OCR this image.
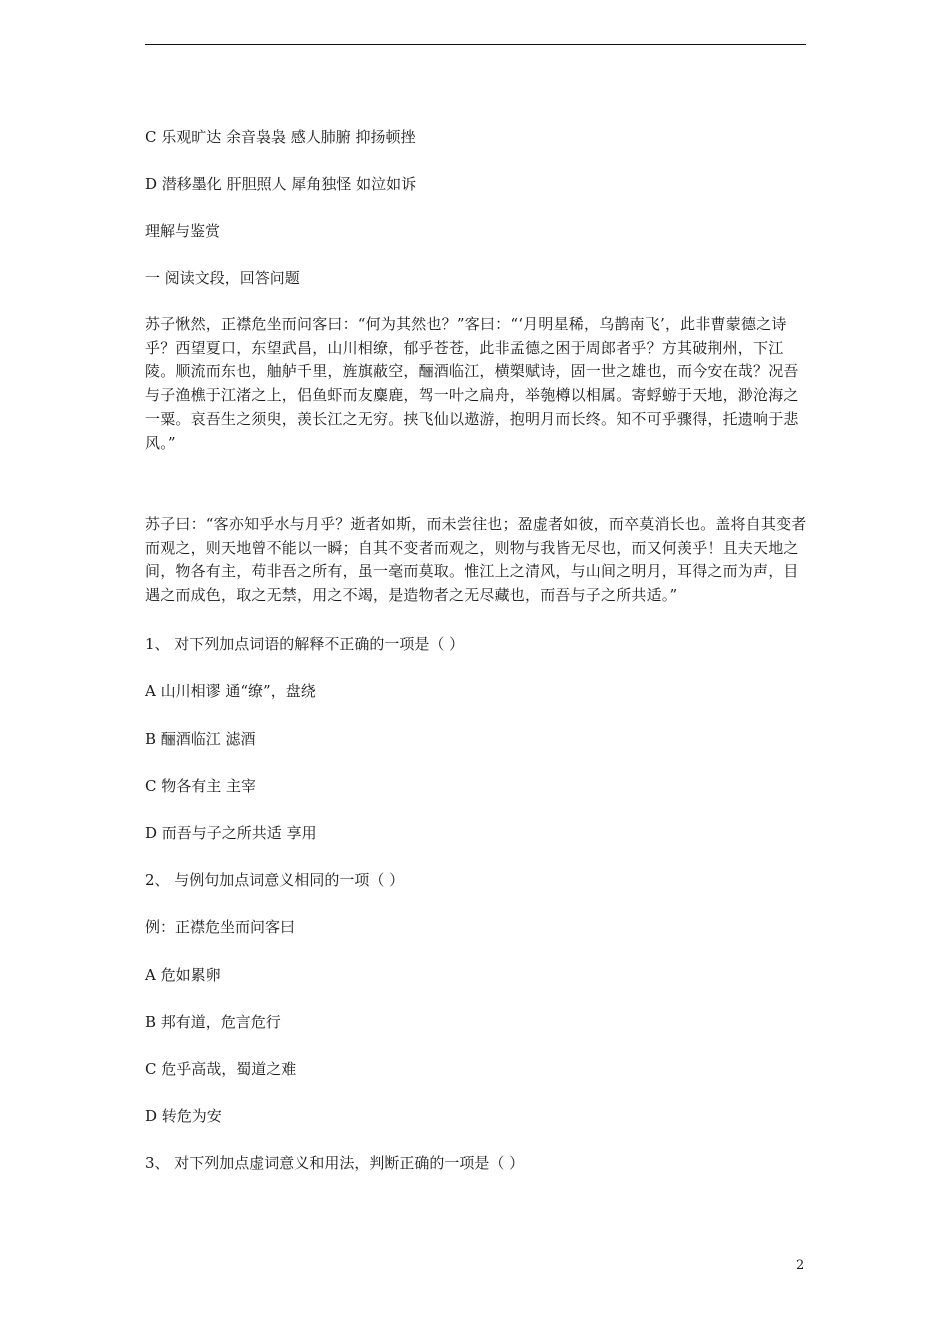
C 乐观旷达 余音袅袅 感人肺腑 抑扬顿挫
D 潜移墨化 肝胆照人 犀角独怪 如泣如诉
理解与鉴赏
一 阅读文段，回答问题
苏子愀然，正襟危坐而问客曰：“何为其然也？”客曰：“‘月明星稀，乌鹊南飞’，此非曹蒙德之诗乎？西望夏口，东望武昌，山川相缭，郁乎苍苍，此非孟德之困于周郎者乎？方其破荆州，下江陵。顺流而东也，舳舻千里，旌旗蔽空，酾酒临江，横槊赋诗，固一世之雄也，而今安在哉？况吾与子渔樵于江渚之上，侣鱼虾而友麋鹿，驾一叶之扁舟，举匏樽以相属。寄蜉蝣于天地，渺沧海之一粟。哀吾生之须臾，羡长江之无穷。挟飞仙以遨游，抱明月而长终。知不可乎骤得，托遗响于悲风。”
苏子曰：“客亦知乎水与月乎？逝者如斯，而未尝往也；盈虚者如彼，而卒莫消长也。盖将自其变者而观之，则天地曾不能以一瞬；自其不变者而观之，则物与我皆无尽也，而又何羡乎！且夫天地之间，物各有主，苟非吾之所有，虽一毫而莫取。惟江上之清风，与山间之明月，耳得之而为声，目遇之而成色，取之无禁，用之不竭，是造物者之无尽藏也，而吾与子之所共适。”
1、 对下列加点词语的解释不正确的一项是（ ）
A 山川相谬 通“缭”，盘绕
B 酾酒临江 滤酒
C 物各有主 主宰
D 而吾与子之所共适 享用
2、 与例句加点词意义相同的一项（ ）
例：正襟危坐而问客曰
A 危如累卵
B 邦有道，危言危行
C 危乎高哉，蜀道之难
D 转危为安
3、 对下列加点虚词意义和用法，判断正确的一项是（ ）
2
